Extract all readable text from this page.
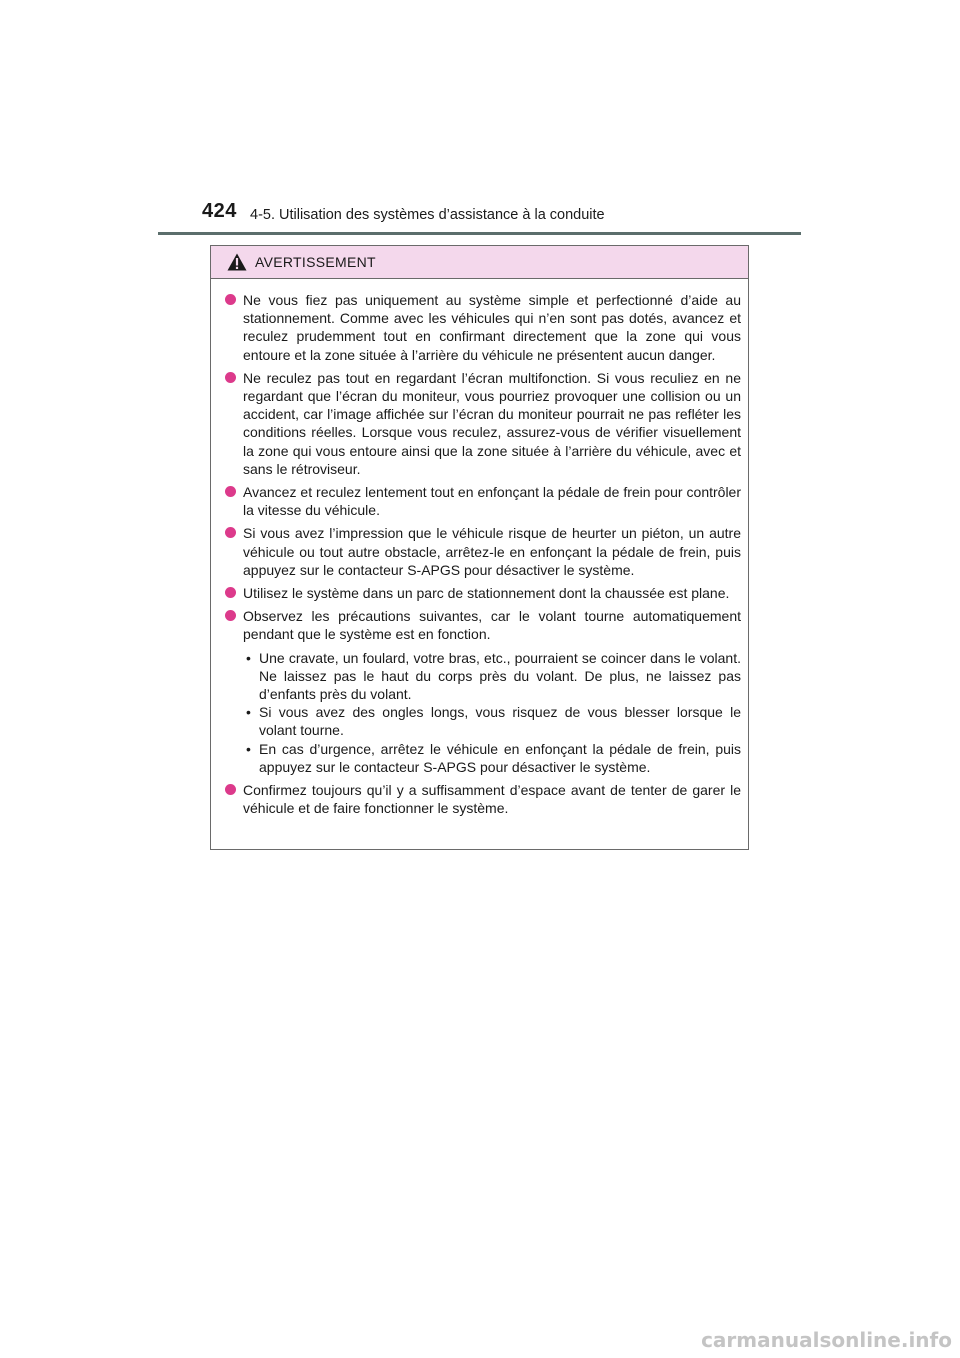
424 4-5. Utilisation des systèmes d’assistance à la conduite
AVERTISSEMENT
Ne vous fiez pas uniquement au système simple et perfectionné d’aide au stationnement. Comme avec les véhicules qui n’en sont pas dotés, avancez et reculez prudemment tout en confirmant directement que la zone qui vous entoure et la zone située à l’arrière du véhicule ne présentent aucun danger.
Ne reculez pas tout en regardant l’écran multifonction. Si vous reculiez en ne regardant que l’écran du moniteur, vous pourriez provoquer une collision ou un accident, car l’image affichée sur l’écran du moniteur pourrait ne pas refléter les conditions réelles. Lorsque vous reculez, assurez-vous de vérifier visuellement la zone qui vous entoure ainsi que la zone située à l’arrière du véhicule, avec et sans le rétroviseur.
Avancez et reculez lentement tout en enfonçant la pédale de frein pour contrôler la vitesse du véhicule.
Si vous avez l’impression que le véhicule risque de heurter un piéton, un autre véhicule ou tout autre obstacle, arrêtez-le en enfonçant la pédale de frein, puis appuyez sur le contacteur S-APGS pour désactiver le système.
Utilisez le système dans un parc de stationnement dont la chaussée est plane.
Observez les précautions suivantes, car le volant tourne automatiquement pendant que le système est en fonction.
• Une cravate, un foulard, votre bras, etc., pourraient se coincer dans le volant. Ne laissez pas le haut du corps près du volant. De plus, ne laissez pas d’enfants près du volant.
• Si vous avez des ongles longs, vous risquez de vous blesser lorsque le volant tourne.
• En cas d’urgence, arrêtez le véhicule en enfonçant la pédale de frein, puis appuyez sur le contacteur S-APGS pour désactiver le système.
Confirmez toujours qu’il y a suffisamment d’espace avant de tenter de garer le véhicule et de faire fonctionner le système.
carmanualsonline.info
